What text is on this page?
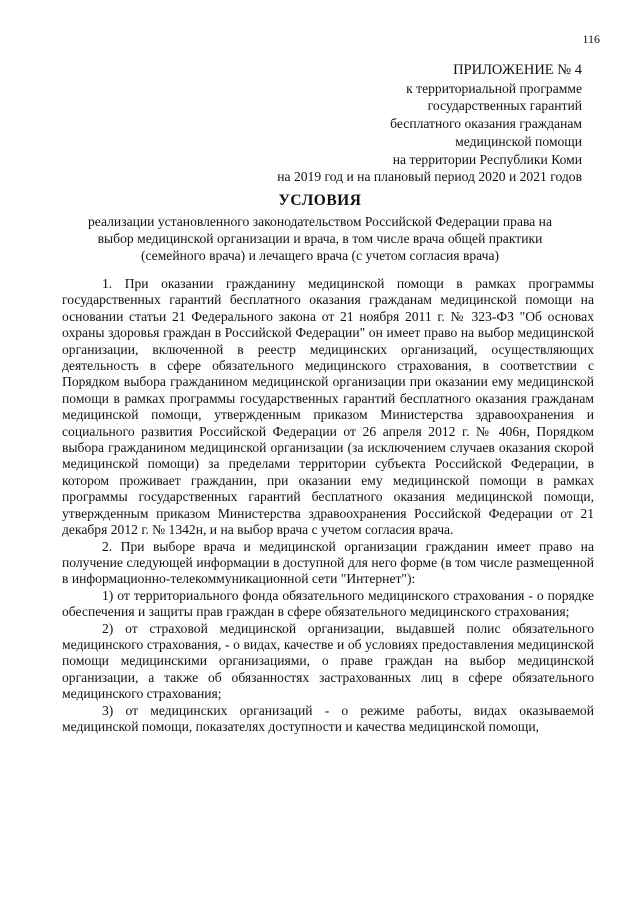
116
ПРИЛОЖЕНИЕ № 4
к территориальной программе
государственных гарантий
бесплатного оказания гражданам
медицинской помощи
на территории Республики Коми
на 2019 год и на плановый период 2020 и 2021 годов
УСЛОВИЯ
реализации установленного законодательством Российской Федерации права на выбор медицинской организации и врача, в том числе врача общей практики (семейного врача) и лечащего врача (с учетом согласия врача)

1. При оказании гражданину медицинской помощи в рамках программы государственных гарантий бесплатного оказания гражданам медицинской помощи на основании статьи 21 Федерального закона от 21 ноября 2011 г. № 323-ФЗ "Об основах охраны здоровья граждан в Российской Федерации" он имеет право на выбор медицинской организации, включенной в реестр медицинских организаций, осуществляющих деятельность в сфере обязательного медицинского страхования, в соответствии с Порядком выбора гражданином медицинской организации при оказании ему медицинской помощи в рамках программы государственных гарантий бесплатного оказания гражданам медицинской помощи, утвержденным приказом Министерства здравоохранения и социального развития Российской Федерации от 26 апреля 2012 г. № 406н, Порядком выбора гражданином медицинской организации (за исключением случаев оказания скорой медицинской помощи) за пределами территории субъекта Российской Федерации, в котором проживает гражданин, при оказании ему медицинской помощи в рамках программы государственных гарантий бесплатного оказания медицинской помощи, утвержденным приказом Министерства здравоохранения Российской Федерации от 21 декабря 2012 г. № 1342н, и на выбор врача с учетом согласия врача.

2. При выборе врача и медицинской организации гражданин имеет право на получение следующей информации в доступной для него форме (в том числе размещенной в информационно-телекоммуникационной сети "Интернет"):

1) от территориального фонда обязательного медицинского страхования - о порядке обеспечения и защиты прав граждан в сфере обязательного медицинского страхования;

2) от страховой медицинской организации, выдавшей полис обязательного медицинского страхования, - о видах, качестве и об условиях предоставления медицинской помощи медицинскими организациями, о праве граждан на выбор медицинской организации, а также об обязанностях застрахованных лиц в сфере обязательного медицинского страхования;

3) от медицинских организаций - о режиме работы, видах оказываемой медицинской помощи, показателях доступности и качества медицинской помощи,
